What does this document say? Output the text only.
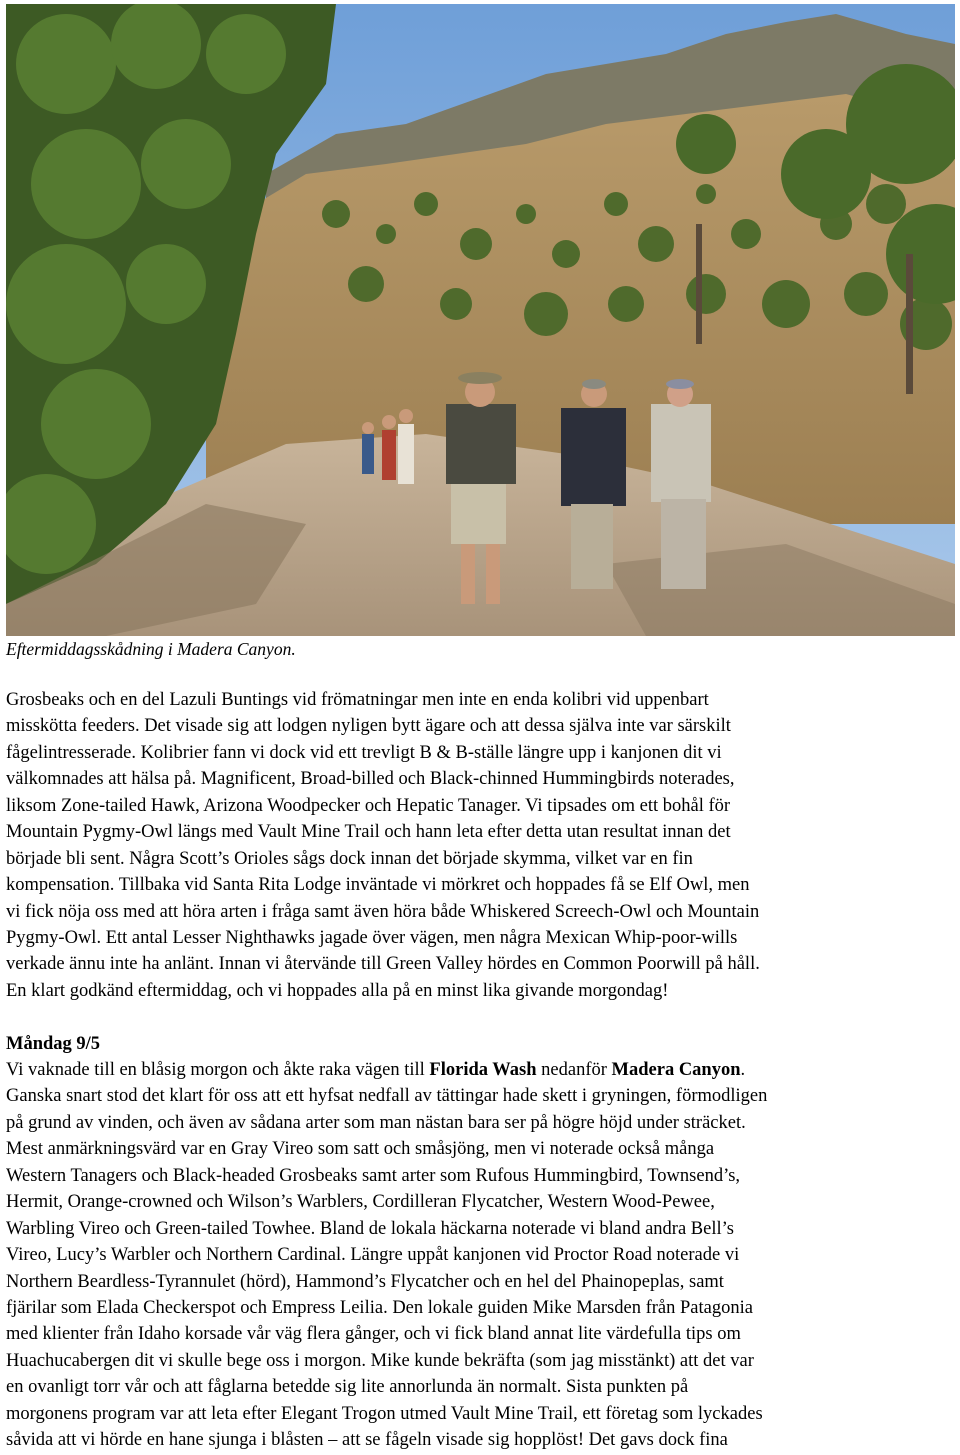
Eftermiddagsskådning i Madera Canyon.
Grosbeaks och en del Lazuli Buntings vid frömatningar men inte en enda kolibri vid uppenbart
misskötta feeders. Det visade sig att lodgen nyligen bytt ägare och att dessa själva inte var särskilt
fågelintresserade. Kolibrier fann vi dock vid ett trevligt B & B-ställe längre upp i kanjonen dit vi
välkomnades att hälsa på. Magnificent, Broad-billed och Black-chinned Hummingbirds noterades,
liksom Zone-tailed Hawk, Arizona Woodpecker och Hepatic Tanager. Vi tipsades om ett bohål för
Mountain Pygmy-Owl längs med Vault Mine Trail och hann leta efter detta utan resultat innan det
började bli sent. Några Scott’s Orioles sågs dock innan det började skymma, vilket var en fin
kompensation. Tillbaka vid Santa Rita Lodge inväntade vi mörkret och hoppades få se Elf Owl, men
vi fick nöja oss med att höra arten i fråga samt även höra både Whiskered Screech-Owl och Mountain
Pygmy-Owl. Ett antal Lesser Nighthawks jagade över vägen, men några Mexican Whip-poor-wills
verkade ännu inte ha anlänt. Innan vi återvände till Green Valley hördes en Common Poorwill på håll.
En klart godkänd eftermiddag, och vi hoppades alla på en minst lika givande morgondag!
Måndag 9/5
Vi vaknade till en blåsig morgon och åkte raka vägen till Florida Wash nedanför Madera Canyon.
Ganska snart stod det klart för oss att ett hyfsat nedfall av tättingar hade skett i gryningen, förmodligen
på grund av vinden, och även av sådana arter som man nästan bara ser på högre höjd under sträcket.
Mest anmärkningsvärd var en Gray Vireo som satt och småsjöng, men vi noterade också många
Western Tanagers och Black-headed Grosbeaks samt arter som Rufous Hummingbird, Townsend’s,
Hermit, Orange-crowned och Wilson’s Warblers, Cordilleran Flycatcher, Western Wood-Pewee,
Warbling Vireo och Green-tailed Towhee. Bland de lokala häckarna noterade vi bland andra Bell’s
Vireo, Lucy’s Warbler och Northern Cardinal. Längre uppåt kanjonen vid Proctor Road noterade vi
Northern Beardless-Tyrannulet (hörd), Hammond’s Flycatcher och en hel del Phainopeplas, samt
fjärilar som Elada Checkerspot och Empress Leilia. Den lokale guiden Mike Marsden från Patagonia
med klienter från Idaho korsade vår väg flera gånger, och vi fick bland annat lite värdefulla tips om
Huachucabergen dit vi skulle bege oss i morgon. Mike kunde bekräfta (som jag misstänkt) att det var
en ovanligt torr vår och att fåglarna betedde sig lite annorlunda än normalt. Sista punkten på
morgonens program var att leta efter Elegant Trogon utmed Vault Mine Trail, ett företag som lyckades
såvida att vi hörde en hane sjunga i blåsten – att se fågeln visade sig hopplöst! Det gavs dock fina
